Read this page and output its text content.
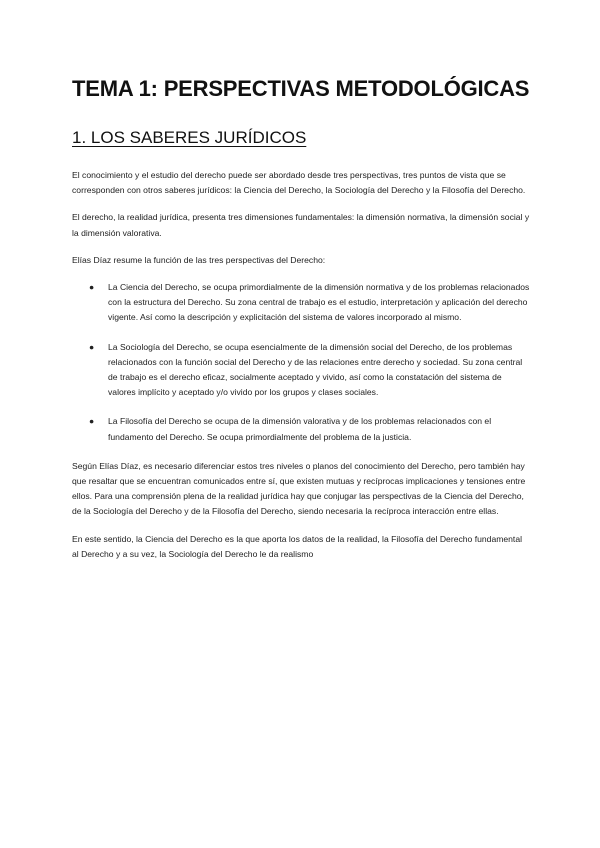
TEMA 1: PERSPECTIVAS METODOLÓGICAS
1. LOS SABERES JURÍDICOS

El conocimiento y el estudio del derecho puede ser abordado desde tres perspectivas, tres puntos de vista que se corresponden con otros saberes jurídicos: la Ciencia del Derecho, la Sociología del Derecho y la Filosofía del Derecho.

El derecho, la realidad jurídica, presenta tres dimensiones fundamentales: la dimensión normativa, la dimensión social y la dimensión valorativa.

Elías Díaz resume la función de las tres perspectivas del Derecho:

● La Ciencia del Derecho, se ocupa primordialmente de la dimensión normativa y de los problemas relacionados con la estructura del Derecho. Su zona central de trabajo es el estudio, interpretación y aplicación del derecho vigente. Así como la descripción y explicitación del sistema de valores incorporado al mismo.
● La Sociología del Derecho, se ocupa esencialmente de la dimensión social del Derecho, de los problemas relacionados con la función social del Derecho y de las relaciones entre derecho y sociedad. Su zona central de trabajo es el derecho eficaz, socialmente aceptado y vivido, así como la constatación del sistema de valores implícito y aceptado y/o vivido por los grupos y clases sociales.
● La Filosofía del Derecho se ocupa de la dimensión valorativa y de los problemas relacionados con el fundamento del Derecho. Se ocupa primordialmente del problema de la justicia.

Según Elías Díaz, es necesario diferenciar estos tres niveles o planos del conocimiento del Derecho, pero también hay que resaltar que se encuentran comunicados entre sí, que existen mutuas y recíprocas implicaciones y tensiones entre ellos. Para una comprensión plena de la realidad jurídica hay que conjugar las perspectivas de la Ciencia del Derecho, de la Sociología del Derecho y de la Filosofía del Derecho, siendo necesaria la recíproca interacción entre ellas.

En este sentido, la Ciencia del Derecho es la que aporta los datos de la realidad, la Filosofía del Derecho fundamental al Derecho y a su vez, la Sociología del Derecho le da realismo
